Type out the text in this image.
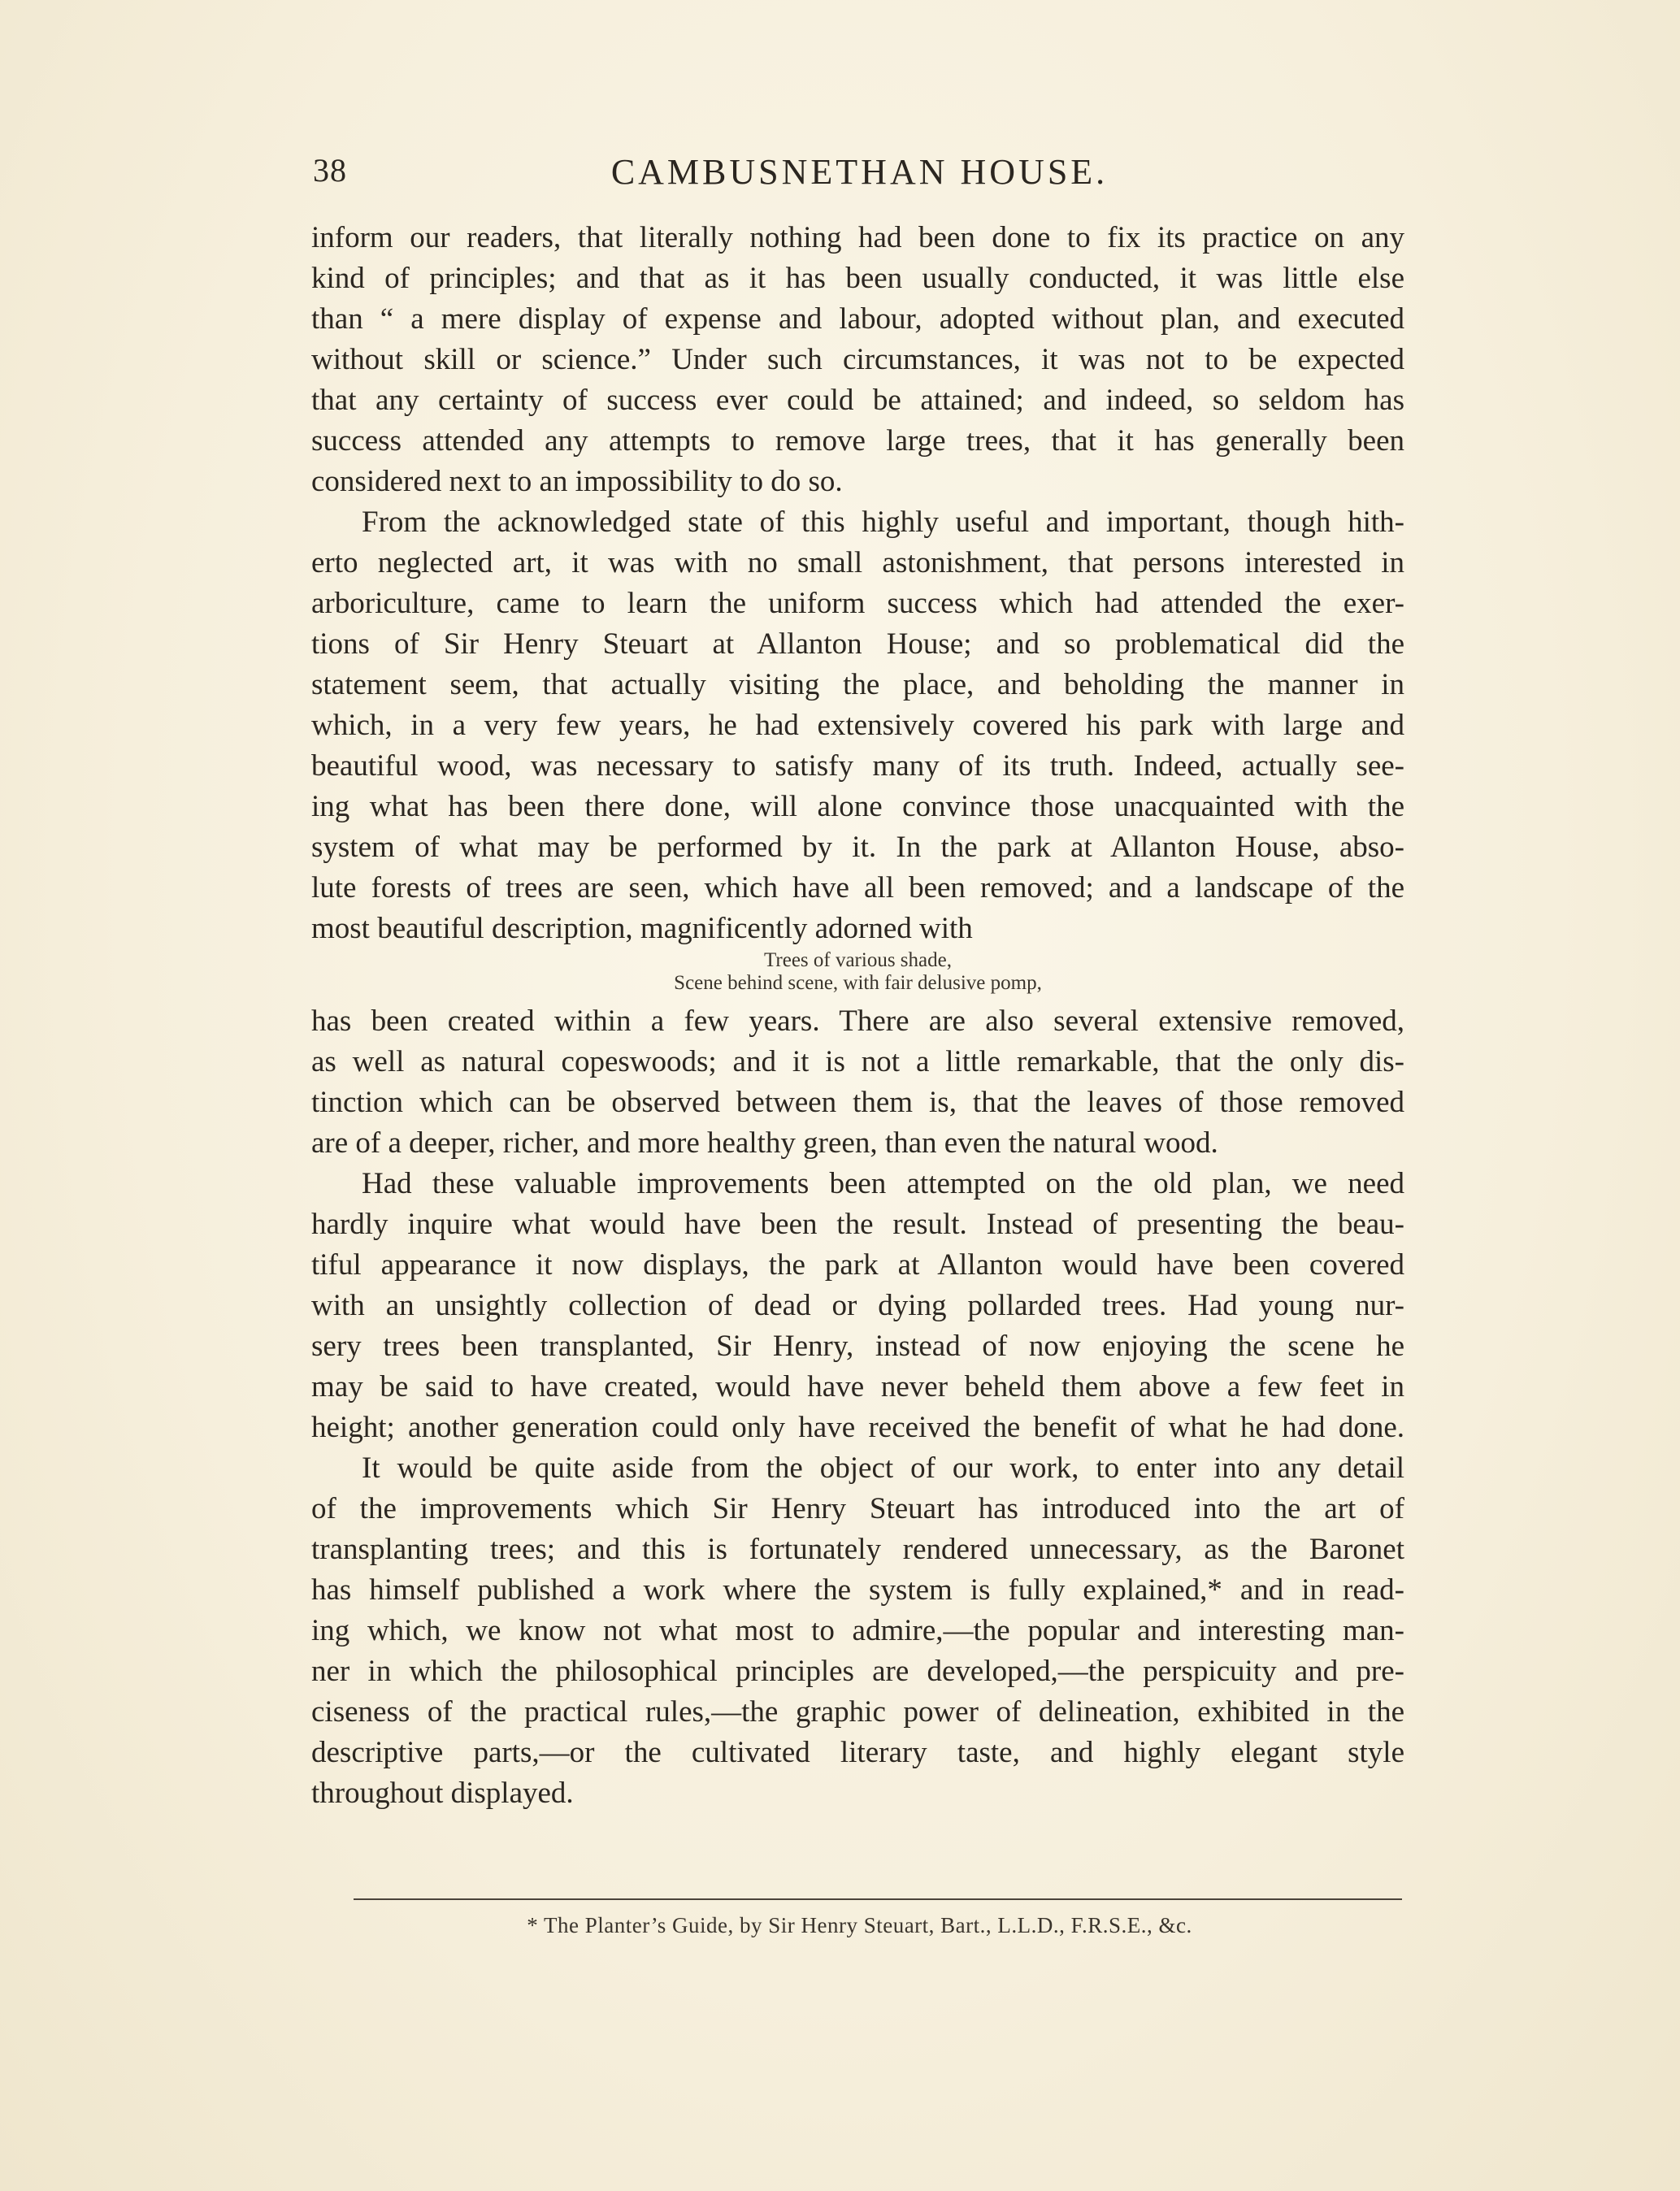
38	CAMBUSNETHAN HOUSE.
inform our readers, that literally nothing had been done to fix its practice on any
kind of principles; and that as it has been usually conducted, it was little else
than “ a mere display of expense and labour, adopted without plan, and executed
without skill or science.” Under such circumstances, it was not to be expected
that any certainty of success ever could be attained; and indeed, so seldom has
success attended any attempts to remove large trees, that it has generally been
considered next to an impossibility to do so.
From the acknowledged state of this highly useful and important, though hith-
erto neglected art, it was with no small astonishment, that persons interested in
arboriculture, came to learn the uniform success which had attended the exer-
tions of Sir Henry Steuart at Allanton House; and so problematical did the
statement seem, that actually visiting the place, and beholding the manner in
which, in a very few years, he had extensively covered his park with large and
beautiful wood, was necessary to satisfy many of its truth. Indeed, actually see-
ing what has been there done, will alone convince those unacquainted with the
system of what may be performed by it. In the park at Allanton House, abso-
lute forests of trees are seen, which have all been removed; and a landscape of the
most beautiful description, magnificently adorned with
Trees of various shade,
Scene behind scene, with fair delusive pomp,
has been created within a few years. There are also several extensive removed,
as well as natural copeswoods; and it is not a little remarkable, that the only dis-
tinction which can be observed between them is, that the leaves of those removed
are of a deeper, richer, and more healthy green, than even the natural wood.
Had these valuable improvements been attempted on the old plan, we need
hardly inquire what would have been the result. Instead of presenting the beau-
tiful appearance it now displays, the park at Allanton would have been covered
with an unsightly collection of dead or dying pollarded trees. Had young nur-
sery trees been transplanted, Sir Henry, instead of now enjoying the scene he
may be said to have created, would have never beheld them above a few feet in
height; another generation could only have received the benefit of what he had done.
It would be quite aside from the object of our work, to enter into any detail
of the improvements which Sir Henry Steuart has introduced into the art of
transplanting trees; and this is fortunately rendered unnecessary, as the Baronet
has himself published a work where the system is fully explained,* and in read-
ing which, we know not what most to admire,—the popular and interesting man-
ner in which the philosophical principles are developed,—the perspicuity and pre-
ciseness of the practical rules,—the graphic power of delineation, exhibited in the
descriptive parts,—or the cultivated literary taste, and highly elegant style
throughout displayed.
* The Planter’s Guide, by Sir Henry Steuart, Bart., L.L.D., F.R.S.E., &c.
